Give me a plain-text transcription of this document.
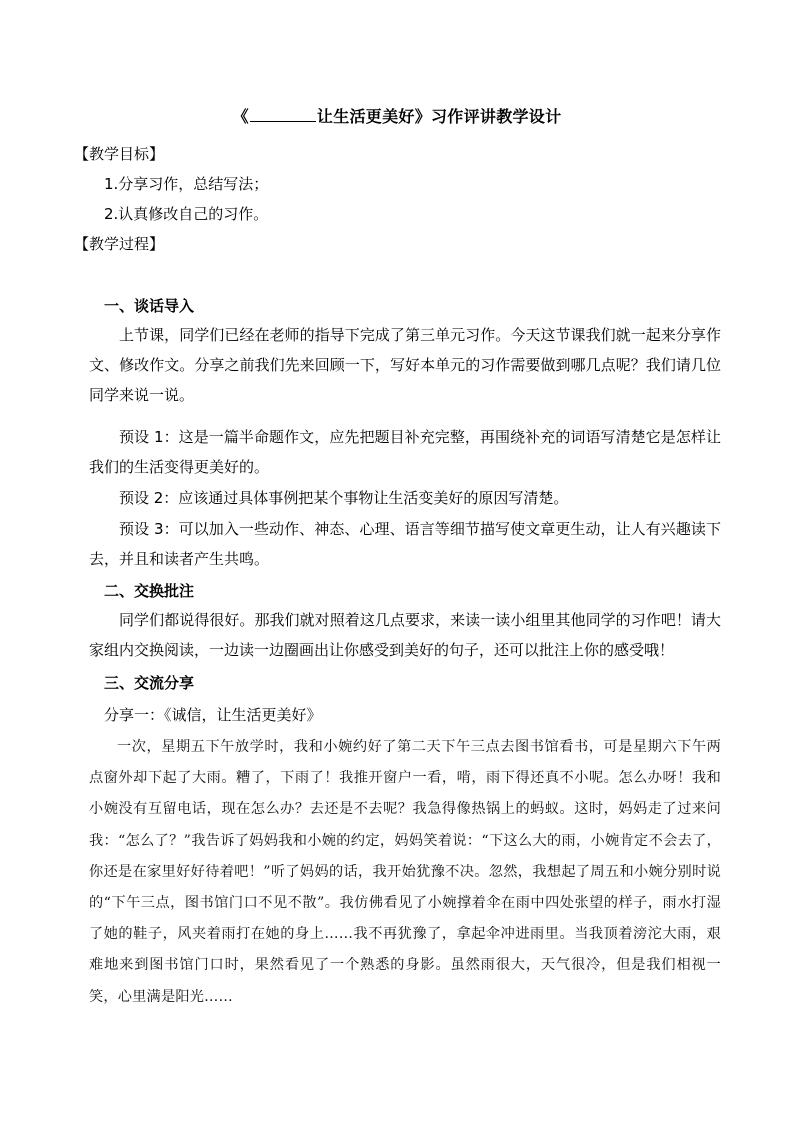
《	让生活更美好》习作评讲教学设计
【教学目标】
1.分享习作，总结写法；
2.认真修改自己的习作。
【教学过程】
一、谈话导入
上节课，同学们已经在老师的指导下完成了第三单元习作。今天这节课我们就一起来分享作文、修改作文。分享之前我们先来回顾一下，写好本单元的习作需要做到哪几点呢？我们请几位同学来说一说。
预设 1：这是一篇半命题作文，应先把题目补充完整，再围绕补充的词语写清楚它是怎样让我们的生活变得更美好的。
预设 2：应该通过具体事例把某个事物让生活变美好的原因写清楚。
预设 3：可以加入一些动作、神态、心理、语言等细节描写使文章更生动，让人有兴趣读下去，并且和读者产生共鸣。
二、交换批注
同学们都说得很好。那我们就对照着这几点要求，来读一读小组里其他同学的习作吧！请大家组内交换阅读，一边读一边圈画出让你感受到美好的句子，还可以批注上你的感受哦！
三、交流分享
分享一：《诚信，让生活更美好》
一次，星期五下午放学时，我和小婉约好了第二天下午三点去图书馆看书，可是星期六下午两点窗外却下起了大雨。糟了，下雨了！我推开窗户一看，啃，雨下得还真不小呢。怎么办呀！我和小婉没有互留电话，现在怎么办？去还是不去呢？我急得像热锅上的蚂蚁。这时，妈妈走了过来问我：“怎么了？”我告诉了妈妈我和小婉的约定，妈妈笑着说：“下这么大的雨，小婉肯定不会去了，你还是在家里好好待着吧！”听了妈妈的话，我开始犹豫不决。忽然，我想起了周五和小婉分别时说的“下午三点，图书馆门口不见不散”。我仿佛看见了小婉撑着伞在雨中四处张望的样子，雨水打湿了她的鞋子，风夹着雨打在她的身上……我不再犹豫了，拿起伞冲进雨里。当我顶着滂沱大雨，艰难地来到图书馆门口时，果然看见了一个熟悉的身影。虽然雨很大，天气很冷，但是我们相视一笑，心里满是阳光……
